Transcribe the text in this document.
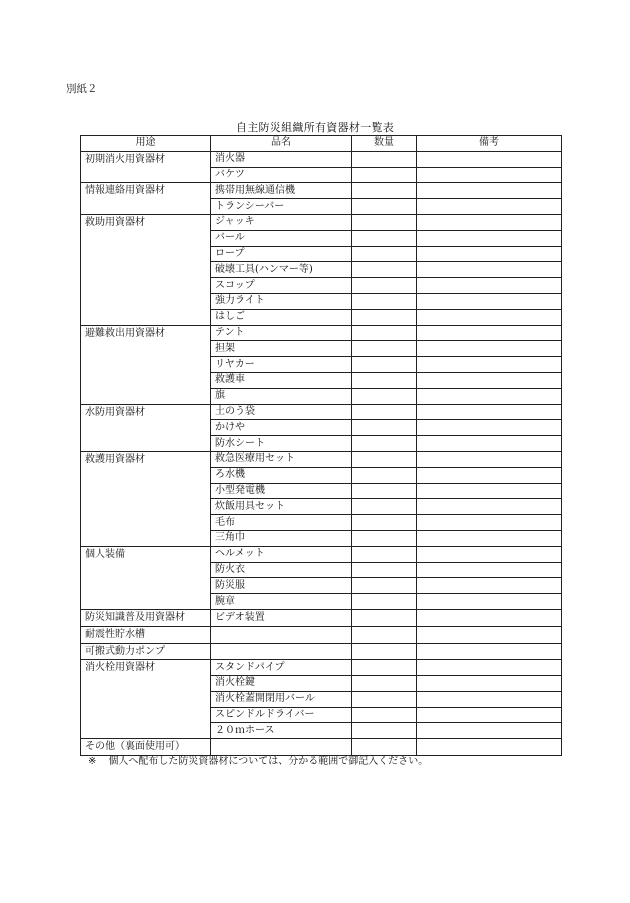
別紙２
自主防災組織所有資器材一覧表
用途	品名	数量	備考
初期消火用資器材	消火器		
	バケツ		
情報連絡用資器材	携帯用無線通信機		
	トランシーバー		
救助用資器材	ジャッキ		
	バール		
	ロープ		
	破壊工具(ハンマー等)		
	スコップ		
	強力ライト		
	はしご		
避難救出用資器材	テント		
	担架		
	リヤカー		
	救護車		
	旗		
水防用資器材	土のう袋		
	かけや		
	防水シート		
救護用資器材	救急医療用セット		
	ろ水機		
	小型発電機		
	炊飯用具セット		
	毛布		
	三角巾		
個人装備	ヘルメット		
	防火衣		
	防災服		
	腕章		
防災知識普及用資器材	ビデオ装置		
耐震性貯水槽			
可搬式動力ポンプ			
消火栓用資器材	スタンドパイプ		
	消火栓鍵		
	消火栓蓋開閉用バール		
	スピンドルドライバー		
	２０ｍホース		
その他（裏面使用可）			
※ 個人へ配布した防災資器材については、分かる範囲で御記入ください。
